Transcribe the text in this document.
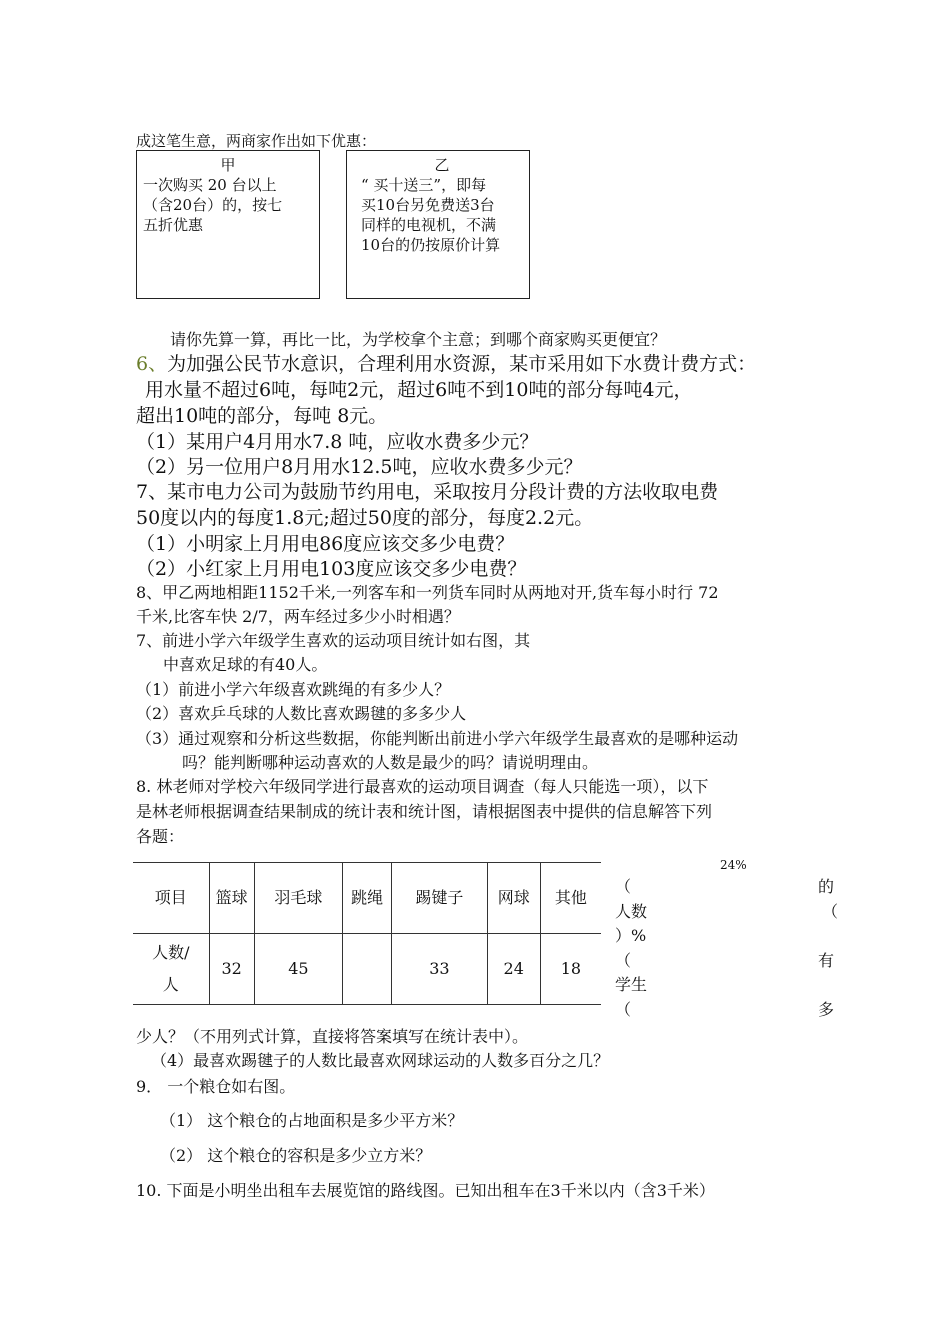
成这笔生意，两商家作出如下优惠：
甲
一次购买 20 台以上
（含20台）的，按七
五折优惠
乙
“ 买十送三”，即每
买10台另免费送3台
同样的电视机，不满
10台的仍按原价计算
请你先算一算，再比一比，为学校拿个主意；到哪个商家购买更便宜？
6、为加强公民节水意识，合理利用水资源，某市采用如下水费计费方式：
用水量不超过6吨，每吨2元，超过6吨不到10吨的部分每吨4元，
超出10吨的部分，每吨 8元。
（1）某用户4月用水7.8 吨，应收水费多少元？
（2）另一位用户8月用水12.5吨，应收水费多少元？
7、某市电力公司为鼓励节约用电，采取按月分段计费的方法收取电费
50度以内的每度1.8元;超过50度的部分，每度2.2元。
（1）小明家上月用电86度应该交多少电费？
（2）小红家上月用电103度应该交多少电费？
8、甲乙两地相距1152千米,一列客车和一列货车同时从两地对开,货车每小时行 72
千米,比客车快 2/7，两车经过多少小时相遇？
7、前进小学六年级学生喜欢的运动项目统计如右图，其
中喜欢足球的有40人。
（1）前进小学六年级喜欢跳绳的有多少人？
（2）喜欢乒乓球的人数比喜欢踢毽的多多少人
（3）通过观察和分析这些数据，你能判断出前进小学六年级学生最喜欢的是哪种运动
吗？能判断哪种运动喜欢的人数是最少的吗？请说明理由。
8. 林老师对学校六年级同学进行最喜欢的运动项目调查（每人只能选一项），以下
是林老师根据调查结果制成的统计表和统计图，请根据图表中提供的信息解答下列
各题：
项目	篮球	羽毛球	跳绳	踢键子	网球	其他
人数/人	32	45		33	24	18
24%
（	的
人数	（
）%
（	有
学生
（	多
少人？（不用列式计算，直接将答案填写在统计表中）。
（4）最喜欢踢毽子的人数比最喜欢网球运动的人数多百分之几？
9． 一个粮仓如右图。
（1） 这个粮仓的占地面积是多少平方米？
（2） 这个粮仓的容积是多少立方米？
10. 下面是小明坐出租车去展览馆的路线图。已知出租车在3千米以内（含3千米）
